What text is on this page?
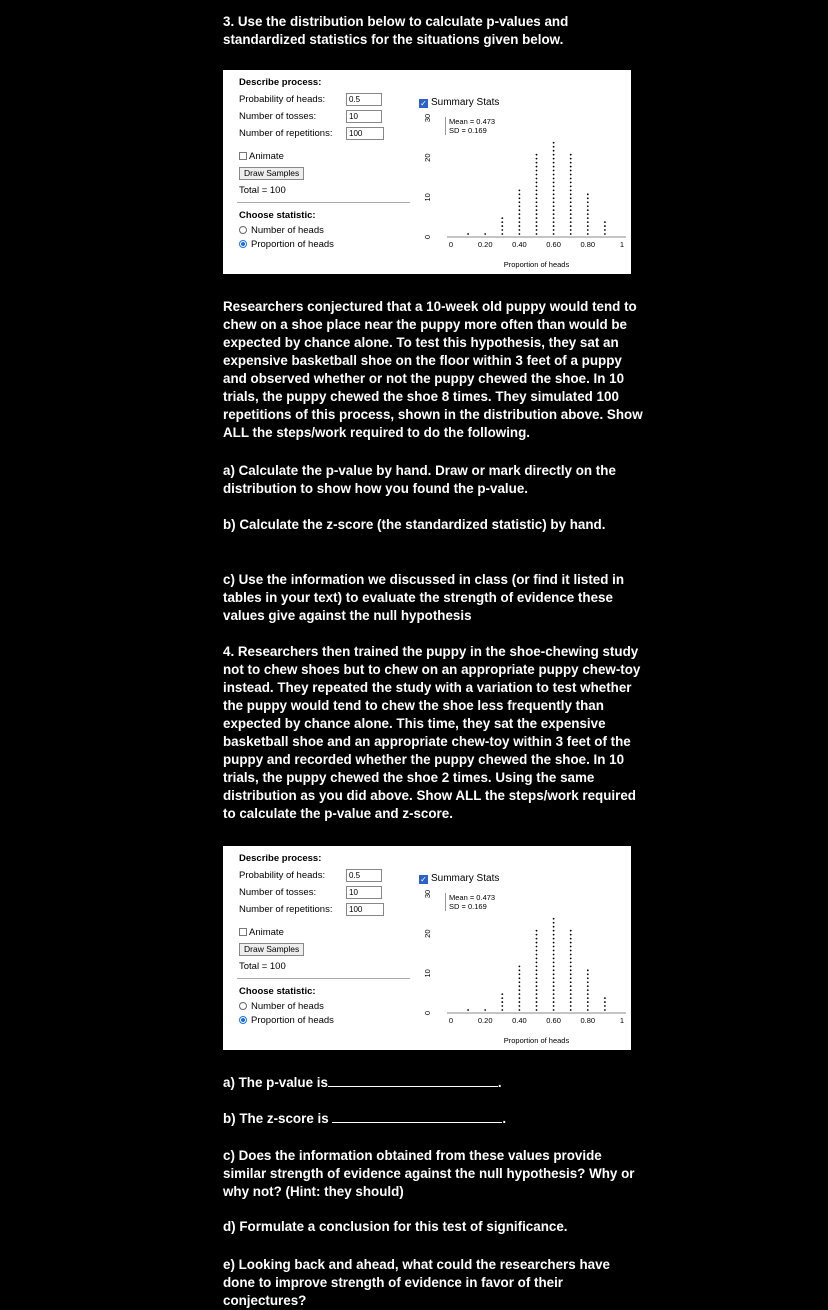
3. Use the distribution below to calculate p-values and standardized statistics for the situations given below.

Describe process:
Probability of heads:	0.5
Number of tosses:	10
Number of repetitions:	100
Animate
Draw Samples
Total = 100
Choose statistic:
Number of heads
Proportion of heads
✓ Summary Stats
Mean = 0.473
SD = 0.169
0	0.20	0.40	0.60	0.80	1
Proportion of heads
0
10
20
30

Researchers conjectured that a 10-week old puppy would tend to chew on a shoe place near the puppy more often than would be expected by chance alone. To test this hypothesis, they sat an expensive basketball shoe on the floor within 3 feet of a puppy and observed whether or not the puppy chewed the shoe. In 10 trials, the puppy chewed the shoe 8 times. They simulated 100 repetitions of this process, shown in the distribution above. Show ALL the steps/work required to do the following.

a) Calculate the p-value by hand. Draw or mark directly on the distribution to show how you found the p-value.

b) Calculate the z-score (the standardized statistic) by hand.

c) Use the information we discussed in class (or find it listed in tables in your text) to evaluate the strength of evidence these values give against the null hypothesis

4. Researchers then trained the puppy in the shoe-chewing study not to chew shoes but to chew on an appropriate puppy chew-toy instead. They repeated the study with a variation to test whether the puppy would tend to chew the shoe less frequently than expected by chance alone. This time, they sat the expensive basketball shoe and an appropriate chew-toy within 3 feet of the puppy and recorded whether the puppy chewed the shoe. In 10 trials, the puppy chewed the shoe 2 times. Using the same distribution as you did above. Show ALL the steps/work required to calculate the p-value and z-score.

Describe process:
Probability of heads:	0.5
Number of tosses:	10
Number of repetitions:	100
Animate
Draw Samples
Total = 100
Choose statistic:
Number of heads
Proportion of heads
✓ Summary Stats
Mean = 0.473
SD = 0.169
0	0.20	0.40	0.60	0.80	1
Proportion of heads
0
10
20
30

a) The p-value is	.

b) The z-score is	.

c) Does the information obtained from these values provide similar strength of evidence against the null hypothesis? Why or why not? (Hint: they should)

d) Formulate a conclusion for this test of significance.

e) Looking back and ahead, what could the researchers have done to improve strength of evidence in favor of their conjectures?
